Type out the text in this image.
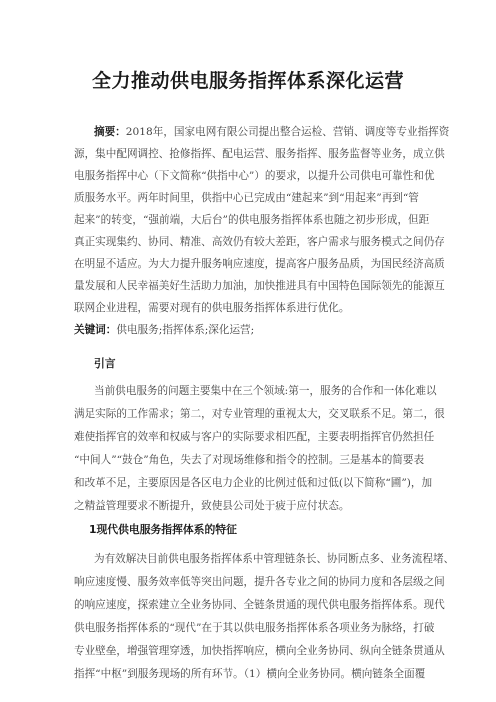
全力推动供电服务指挥体系深化运营
摘要：2018年，国家电网有限公司提出整合运检、营销、调度等专业指挥资
源，集中配网调控、抢修指挥、配电运营、服务指挥、服务监督等业务，成立供
电服务指挥中心（下文简称“供指中心”）的要求，以提升公司供电可靠性和优
质服务水平。两年时间里，供指中心已完成由“建起来”到“用起来”再到“管
起来”的转变，“强前端，大后台”的供电服务指挥体系也随之初步形成，但距
真正实现集约、协同、精准、高效仍有较大差距，客户需求与服务模式之间仍存
在明显不适应。为大力提升服务响应速度，提高客户服务品质，为国民经济高质
量发展和人民幸福美好生活助力加油，加快推进具有中国特色国际领先的能源互
联网企业进程，需要对现有的供电服务指挥体系进行优化。
关键词：供电服务;指挥体系;深化运营;
引言
当前供电服务的问题主要集中在三个领域:第一，服务的合作和一体化难以
满足实际的工作需求；第二，对专业管理的重视太大，交叉联系不足。第二，很
难使指挥官的效率和权威与客户的实际要求相匹配，主要表明指挥官仍然担任
“中间人”“鼓仓”角色，失去了对现场维修和指令的控制。三是基本的简要表
和改革不足，主要原因是各区电力企业的比例过低和过低(以下简称“圃”)，加
之精益管理要求不断提升，致使县公司处于疲于应付状态。
1现代供电服务指挥体系的特征
为有效解决目前供电服务指挥体系中管理链条长、协同断点多、业务流程堵、
响应速度慢、服务效率低等突出问题，提升各专业之间的协同力度和各层级之间
的响应速度，探索建立全业务协同、全链条贯通的现代供电服务指挥体系。现代
供电服务指挥体系的“现代”在于其以供电服务指挥体系各项业务为脉络，打破
专业壁垒，增强管理穿透，加快指挥响应，横向全业务协同、纵向全链条贯通从
指挥“中枢”到服务现场的所有环节。（1）横向全业务协同。横向链条全面覆
